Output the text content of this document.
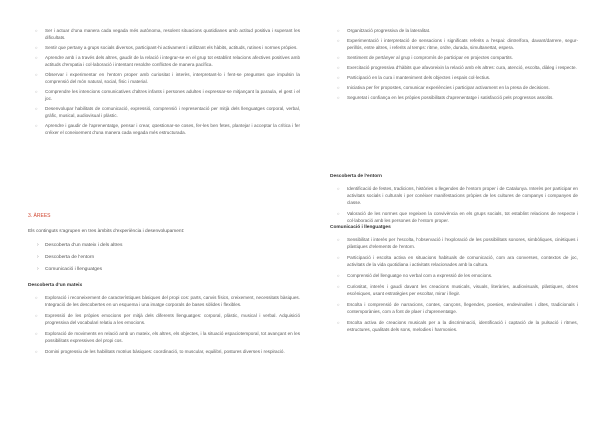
○ Ser i actuar d’una manera cada vegada més autònoma, resolent situacions quotidianes amb actitud positiva i superant les dificultats.
○ Sentir que pertany a grups socials diversos, participant-hi activament i utilitzant els hàbits, actituds, rutines i normes pròpies.
○ Aprendre amb i a través dels altres, gaudir de la relació i integrar-se en el grup tot establint relacions afectives positives amb actituds d’empatia i col·laboració i intentant resoldre conflictes de manera pacífica.
○ Observar i experimentar en l’entorn proper amb curiositat i interès, interpretant-lo i fent-se preguntes que impulsin la comprensió del món natural, social, físic i material.
○ Comprendre les intencions comunicatives d’altres infants i persones adultes i expressar-se mitjançant la paraula, el gest i el joc.
○ Desenvolupar habilitats de comunicació, expressió, comprensió i representació per mitjà dels llenguatges corporal, verbal, gràfic, musical, audiovisual i plàstic.
○ Aprendre i gaudir de l’aprenentatge, pensar i crear, qüestionar-se coses, fer-les ben fetes, plantejar i acceptar la crítica i fer créixer el coneixement d’una manera cada vegada més estructurada.
3. ÀREES
Els continguts s’agrupen en tres àmbits d’experiència i desenvolupament:
› Descoberta d’un mateix i dels altres
› Descoberta de l’entorn
› Comunicació i llenguatges
Descoberta d’un mateix
○ Exploració i reconeixement de característiques bàsiques del propi cos: parts, canvis físics, creixement, necessitats bàsiques. Integració de les descobertes en un esquema i una imatge corporals de bases sòlides i flexibles.
○ Expressió de les pròpies emocions per mitjà dels diferents llenguatges: corporal, plàstic, musical i verbal. Adquisició progressiva del vocabulari relatiu a les emocions.
○ Exploració de moviments en relació amb un mateix, els altres, els objectes, i la situació espaciotemporal, tot avançant en les possibilitats expressives del propi cos.
○ Domini progressiu de les habilitats motrius bàsiques: coordinació, to muscular, equilibri, postures diverses i respiració.
○ Organització progressiva de la lateralitat.
○ Experimentació i interpretació de sensacions i significats referits a l’espai: dintre/fora, davant/darrere, segur-perillós, entre altres, i referits al temps: ritme, ordre, durada, simultaneïtat, espera.
○ Sentiment de pertànyer al grup i compromís de participar en projectes compartits.
○ Exercitació progressiva d’hàbits que afavoreixin la relació amb els altres: cura, atenció, escolta, diàleg i respecte.
○ Participació en la cura i manteniment dels objectes i espais col·lectius.
○ Iniciativa per fer propostes, comunicar experiències i participar activament en la presa de decisions.
○ Seguretat i confiança en les pròpies possibilitats d’aprenentatge i satisfacció pels progressos assolits.
Descoberta de l’entorn
○ Identificació de festes, tradicions, històries o llegendes de l’entorn proper i de Catalunya. Interès per participar en activitats socials i culturals i per conèixer manifestacions pròpies de les cultures de companys i companyes de classe.
○ Valoració de les normes que regeixen la convivència en els grups socials, tot establint relacions de respecte i col·laboració amb les persones de l’entorn proper.
Comunicació i llenguatges
○ Sensibilitat i interès per l’escolta, l’observació i l’exploració de les possibilitats sonores, simbòliques, cinètiques i plàstiques d’elements de l’entorn.
○ Participació i escolta activa en situacions habituals de comunicació, com ara converses, contextos de joc, activitats de la vida quotidiana i activitats relacionades amb la cultura.
○ Comprensió del llenguatge no verbal com a expressió de les emocions.
○ Curiositat, interès i gaudi davant les creacions musicals, visuals, literàries, audiovisuals, plàstiques, obres escèniques, usant estratègies per escoltar, mirar i llegir.
○ Escolta i comprensió de narracions, contes, cançons, llegendes, poesies, endevinalles i dites, tradicionals i contemporànies, com a font de plaer i d’aprenentatge.
○ Escolta activa de creacions musicals per a la discriminació, identificació i captació de la pulsació i ritmes, estructures, qualitats dels sons, melodies i harmonies.
